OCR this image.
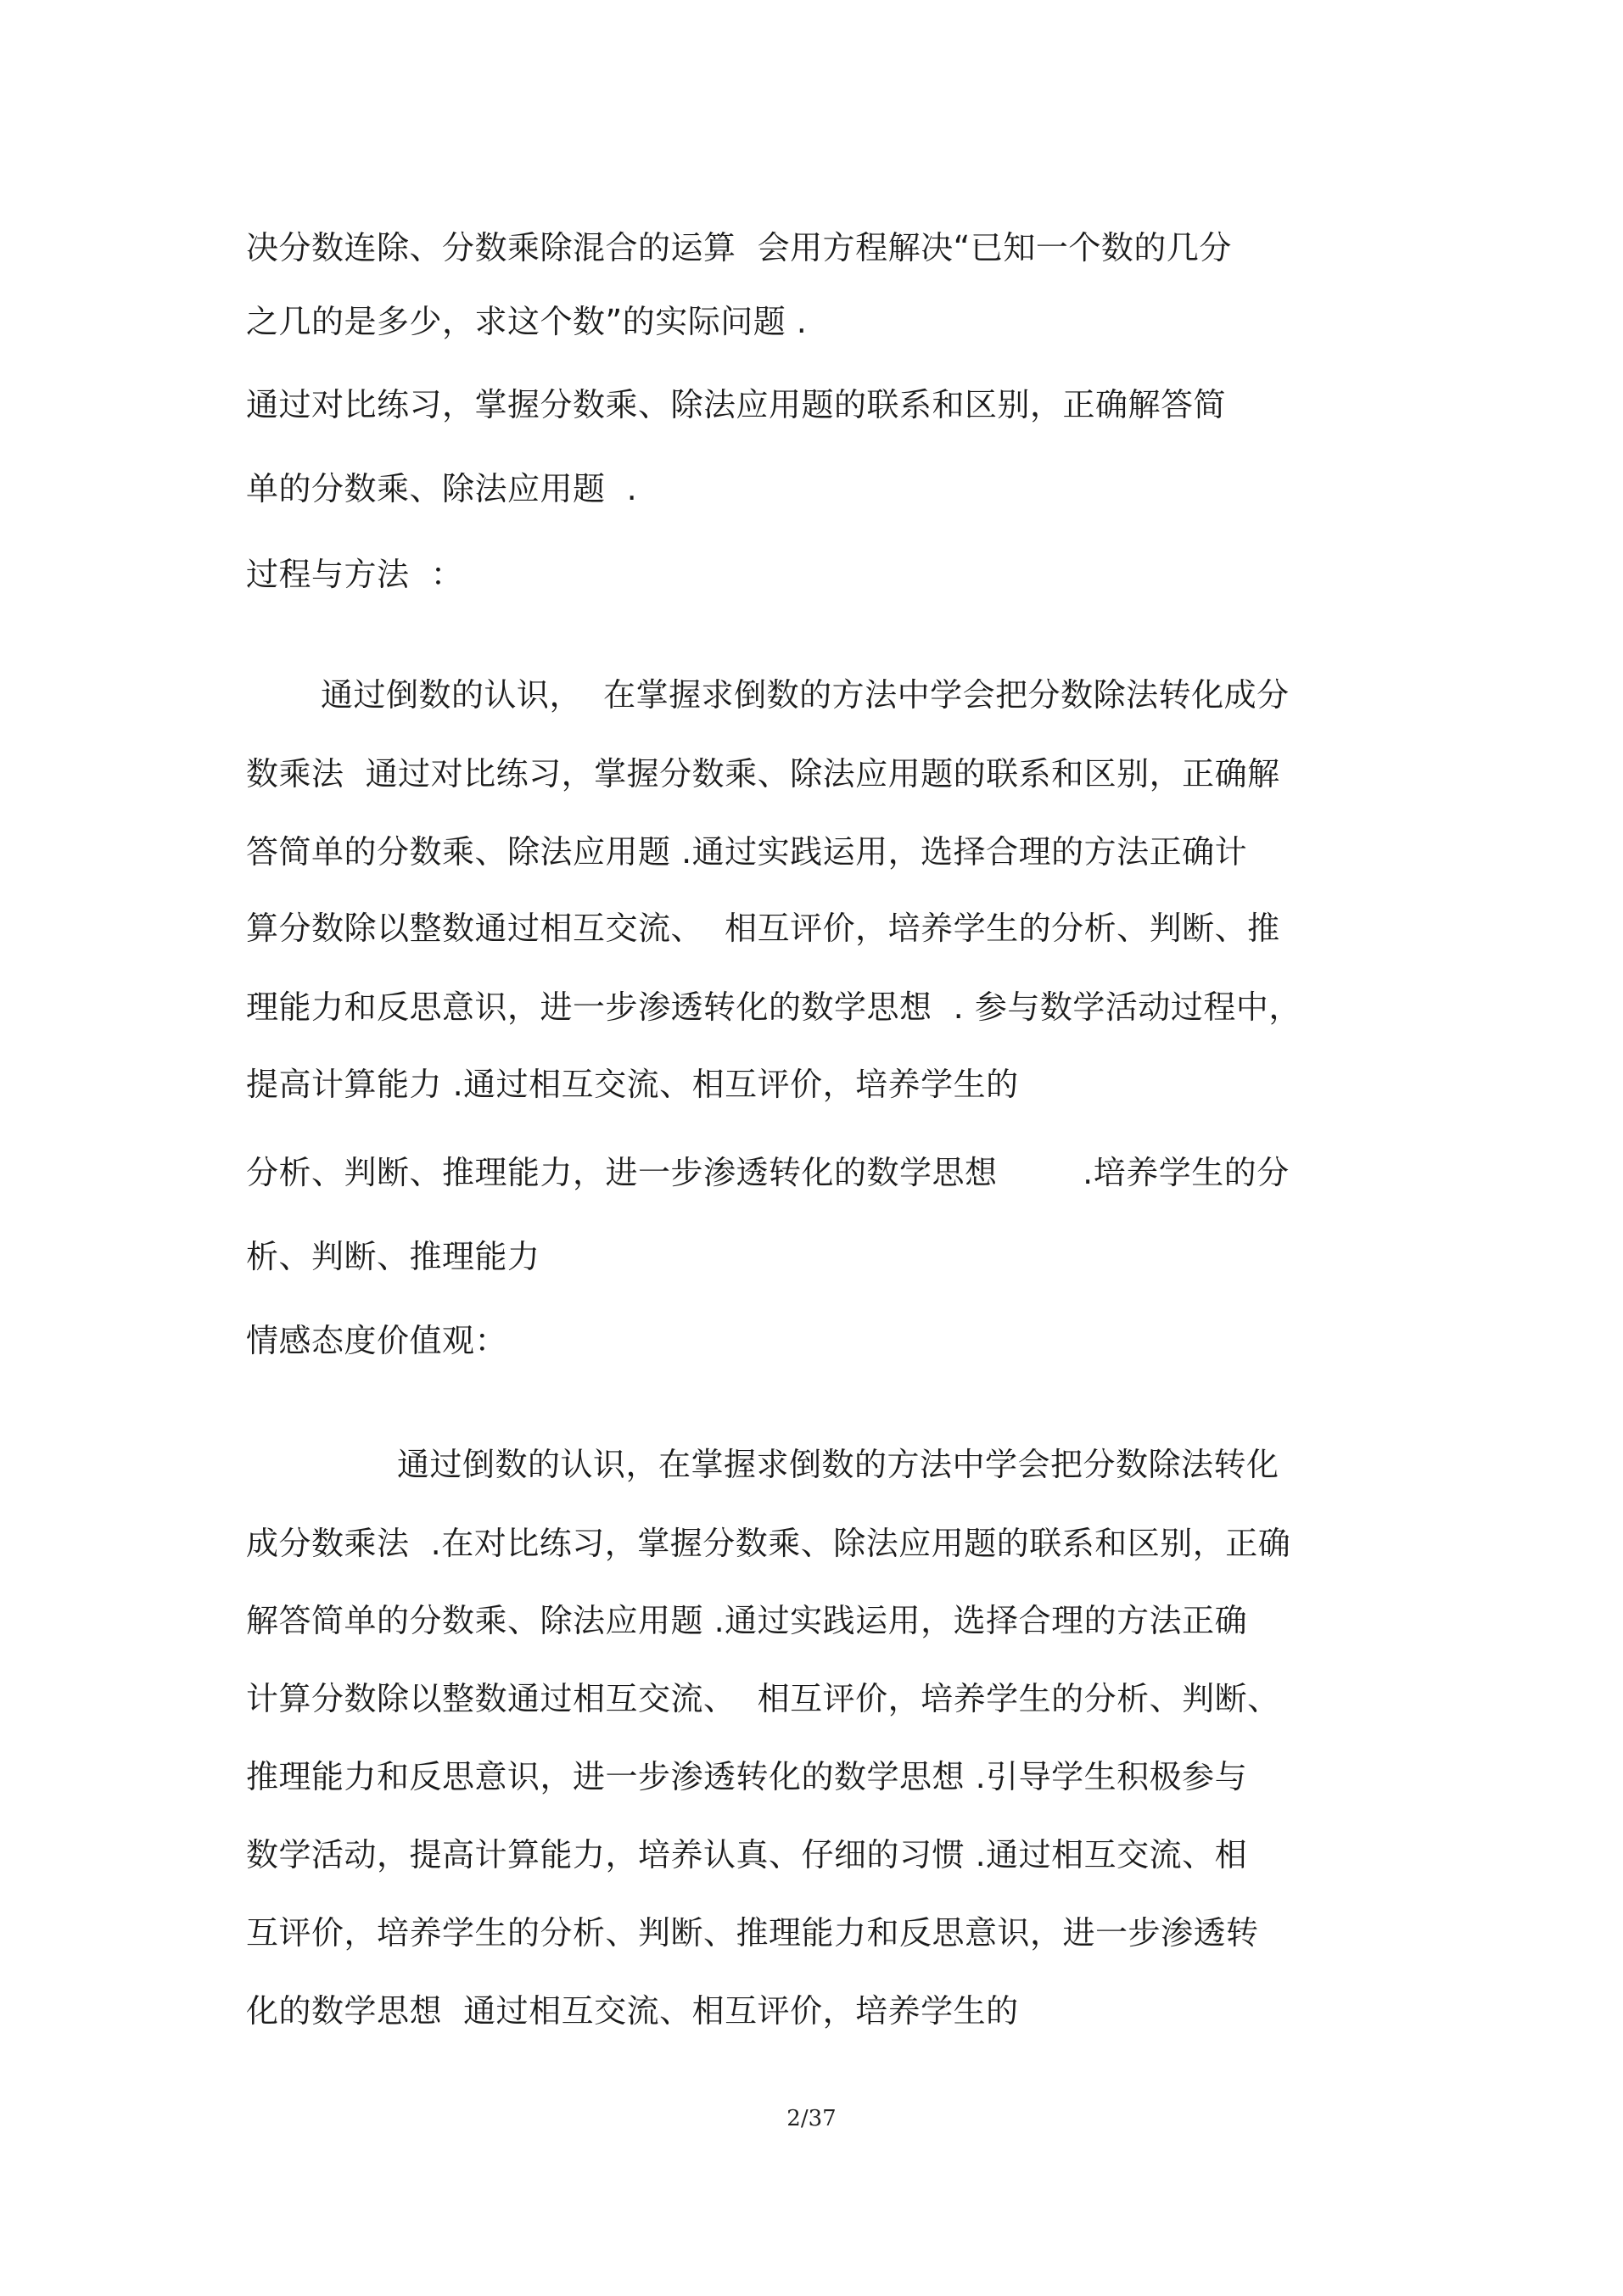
决分数连除、分数乘除混合的运算  会用方程解决“已知一个数的几分
之几的是多少，求这个数”的实际问题 .
通过对比练习，掌握分数乘、除法应用题的联系和区别，正确解答简
单的分数乘、除法应用题  .
过程与方法  ：
通过倒数的认识，  在掌握求倒数的方法中学会把分数除法转化成分
数乘法  通过对比练习，掌握分数乘、除法应用题的联系和区别，正确解
答简单的分数乘、除法应用题 .通过实践运用，选择合理的方法正确计
算分数除以整数通过相互交流、  相互评价，培养学生的分析、判断、推
理能力和反思意识，进一步渗透转化的数学思想  . 参与数学活动过程中，
提高计算能力 .通过相互交流、相互评价，培养学生的
分析、判断、推理能力，进一步渗透转化的数学思想        .培养学生的分
析、判断、推理能力
情感态度价值观：
通过倒数的认识，在掌握求倒数的方法中学会把分数除法转化
成分数乘法  .在对比练习，掌握分数乘、除法应用题的联系和区别，正确
解答简单的分数乘、除法应用题 .通过实践运用，选择合理的方法正确
计算分数除以整数通过相互交流、  相互评价，培养学生的分析、判断、
推理能力和反思意识，进一步渗透转化的数学思想 .引导学生积极参与
数学活动，提高计算能力，培养认真、仔细的习惯 .通过相互交流、相
互评价，培养学生的分析、判断、推理能力和反思意识，进一步渗透转
化的数学思想  通过相互交流、相互评价，培养学生的
2/37
